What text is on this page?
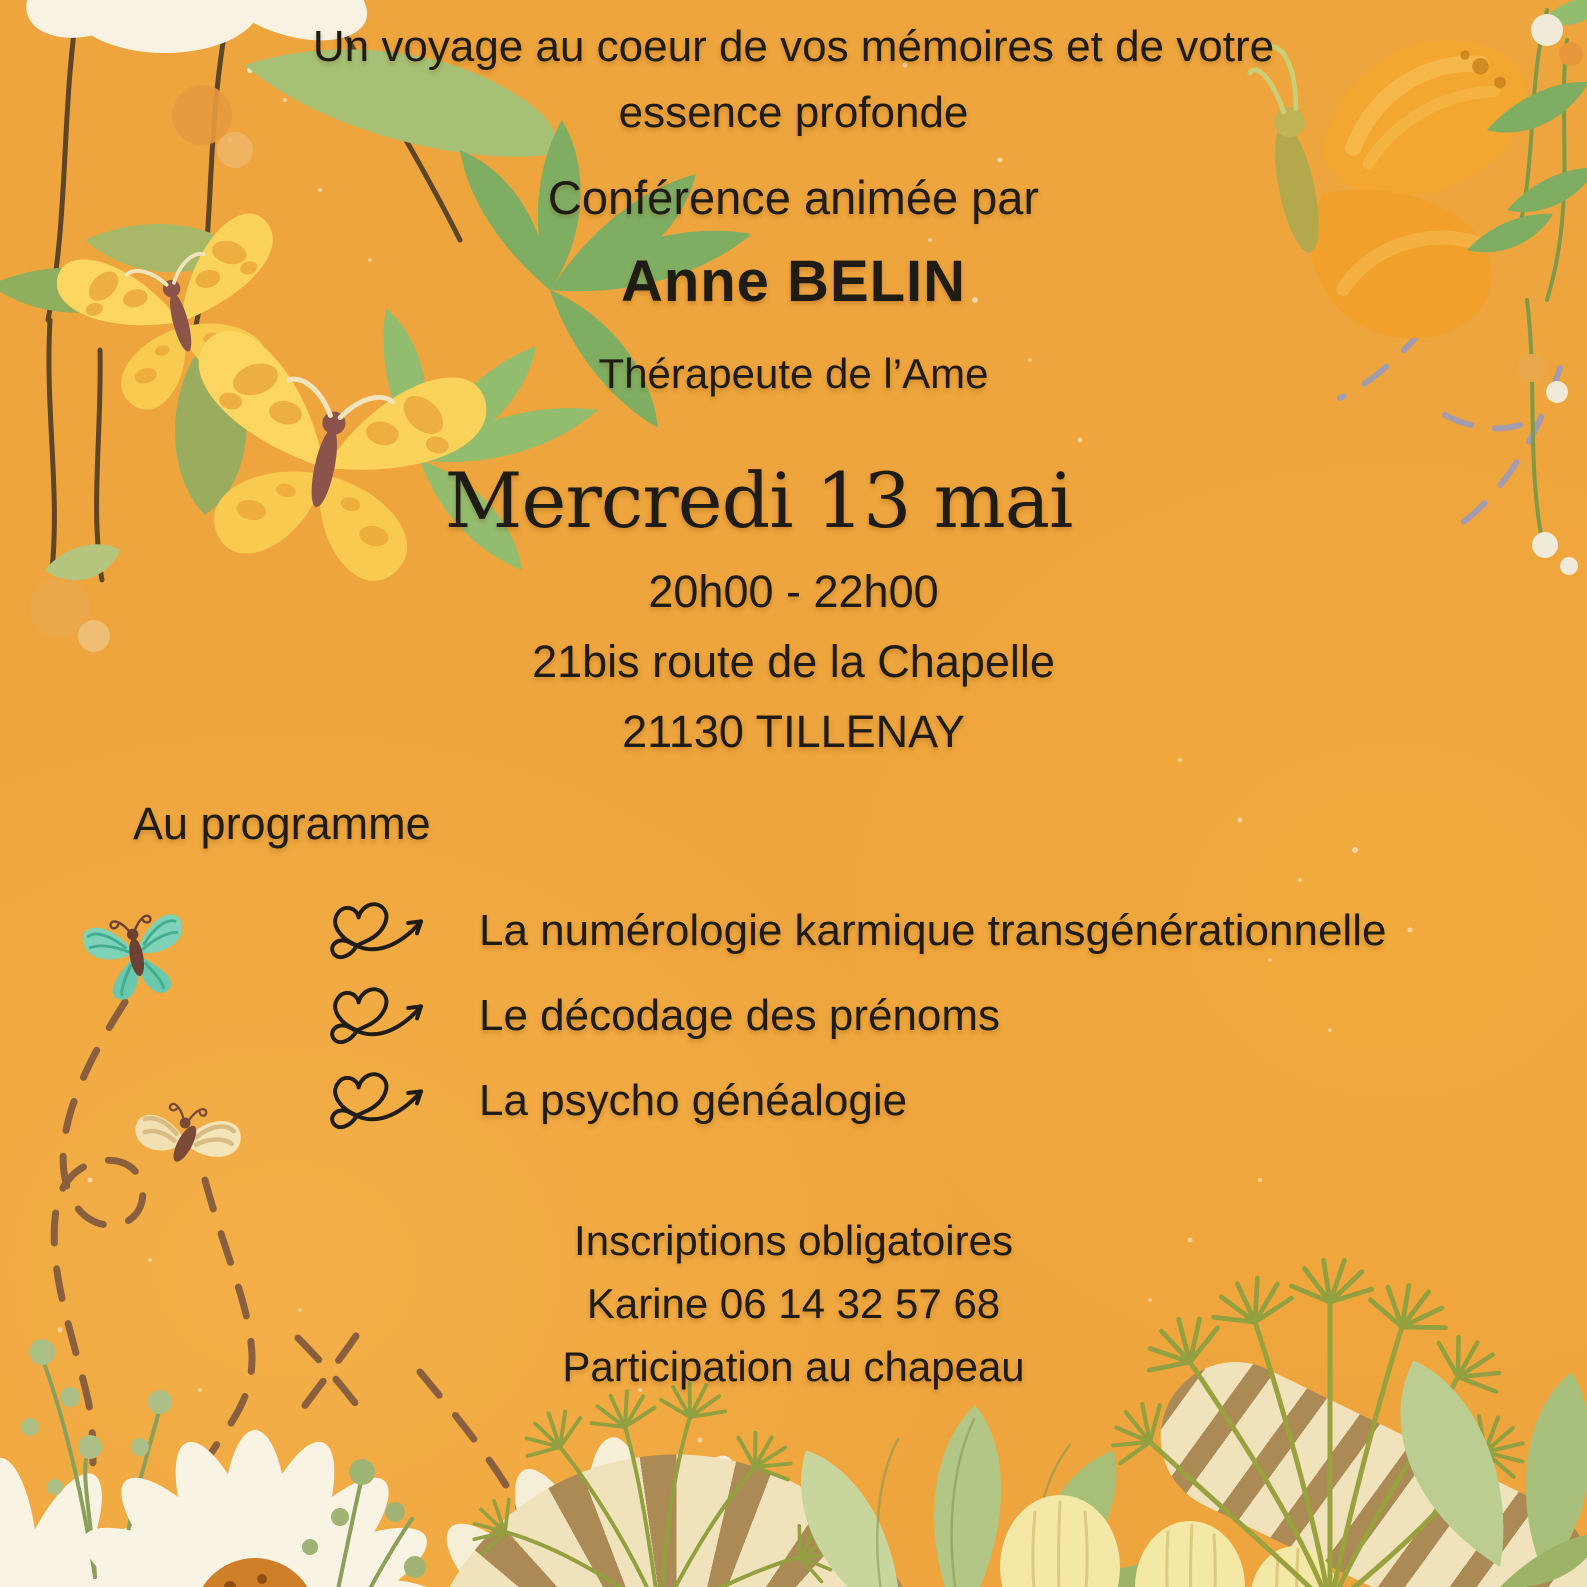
Un voyage au coeur de vos mémoires et de votre essence profonde
Conférence animée par
Anne BELIN
Thérapeute de l’Ame
Mercredi 13 mai
20h00 - 22h00
21bis route de la Chapelle
21130 TILLENAY
Au programme
La numérologie karmique transgénérationnelle
Le décodage des prénoms
La psycho généalogie
Inscriptions obligatoires
Karine 06 14 32 57 68
Participation au chapeau
